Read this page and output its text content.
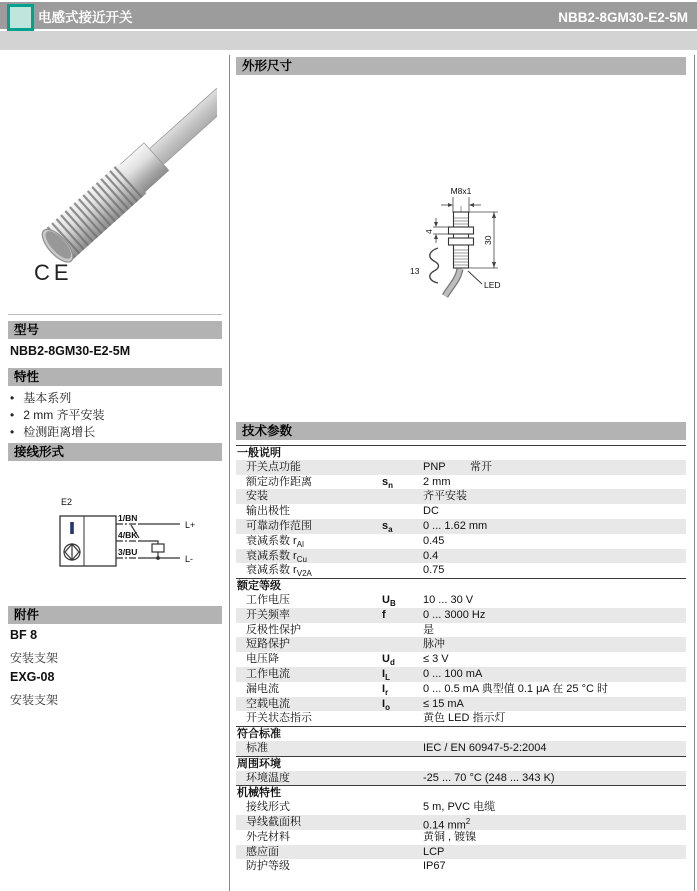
电感式接近开关	NBB2-8GM30-E2-5M
CE
型号
NBB2-8GM30-E2-5M
特性
• 基本系列
• 2 mm 齐平安装
• 检测距离增长
接线形式
E2
1/BN
4/BK
3/BU
L+
L-
附件
BF 8
安装支架
EXG-08
安装支架
外形尺寸
M8x1
4
30
13
LED
技术参数
一般说明
开关点功能	PNP 常开
额定动作距离	$s_n$	2 mm
安装	齐平安装
输出极性	DC
可靠动作范围	$s_a$	0 ... 1.62 mm
衰减系数 $r_{Al}$	0.45
衰减系数 $r_{Cu}$	0.4
衰减系数 $r_{V2A}$	0.75
额定等级
工作电压	$U_B$ 10 ... 30 V
开关频率	f	0 ... 3000 Hz
反极性保护	是
短路保护	脉冲
电压降	$U_d$	≤ 3 V
工作电流	$I_L$	0 ... 100 mA
漏电流	$I_r$	0 ... 0.5 mA 典型值 0.1 μA 在 25 °C 时
空载电流	$I_o$	≤ 15 mA
开关状态指示	黄色 LED 指示灯
符合标准
标准	IEC / EN 60947-5-2:2004
周围环境
环境温度	-25 ... 70 °C (248 ... 343 K)
机械特性
接线形式	5 m, PVC 电缆
导线截面积	0.14 $mm^2$
外壳材料	黄铜 , 镀镍
感应面	LCP
防护等级	IP67
